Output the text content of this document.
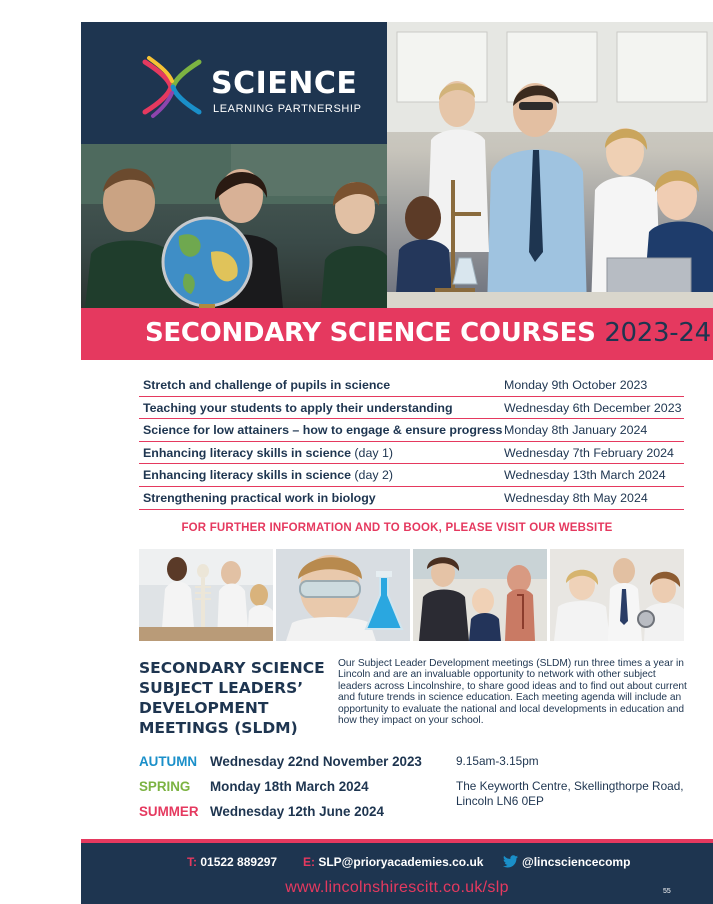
SCIENCE
LEARNING PARTNERSHIP
SECONDARY SCIENCE COURSES 2023-24
Stretch and challenge of pupils in science	Monday 9th October 2023
Teaching your students to apply their understanding	Wednesday 6th December 2023
Science for low attainers – how to engage & ensure progress Monday 8th January 2024
Enhancing literacy skills in science (day 1)	Wednesday 7th February 2024
Enhancing literacy skills in science (day 2)	Wednesday 13th March 2024
Strengthening practical work in biology	Wednesday 8th May 2024
FOR FURTHER INFORMATION AND TO BOOK, PLEASE VISIT OUR WEBSITE
SECONDARY SCIENCE
SUBJECT LEADERS’
DEVELOPMENT
MEETINGS (SLDM)
Our Subject Leader Development meetings (SLDM) run three times a year in Lincoln and are an invaluable opportunity to network with other subject leaders across Lincolnshire, to share good ideas and to find out about current and future trends in science education. Each meeting agenda will include an opportunity to evaluate the national and local developments in education and how they impact on your school.
AUTUMN Wednesday 22nd November 2023
SPRING Monday 18th March 2024
SUMMER Wednesday 12th June 2024
9.15am-3.15pm
The Keyworth Centre, Skellingthorpe Road,
Lincoln LN6 0EP
T: 01522 889297 E: SLP@prioryacademies.co.uk	@lincsciencecomp
www.lincolnshirescitt.co.uk/slp	55
